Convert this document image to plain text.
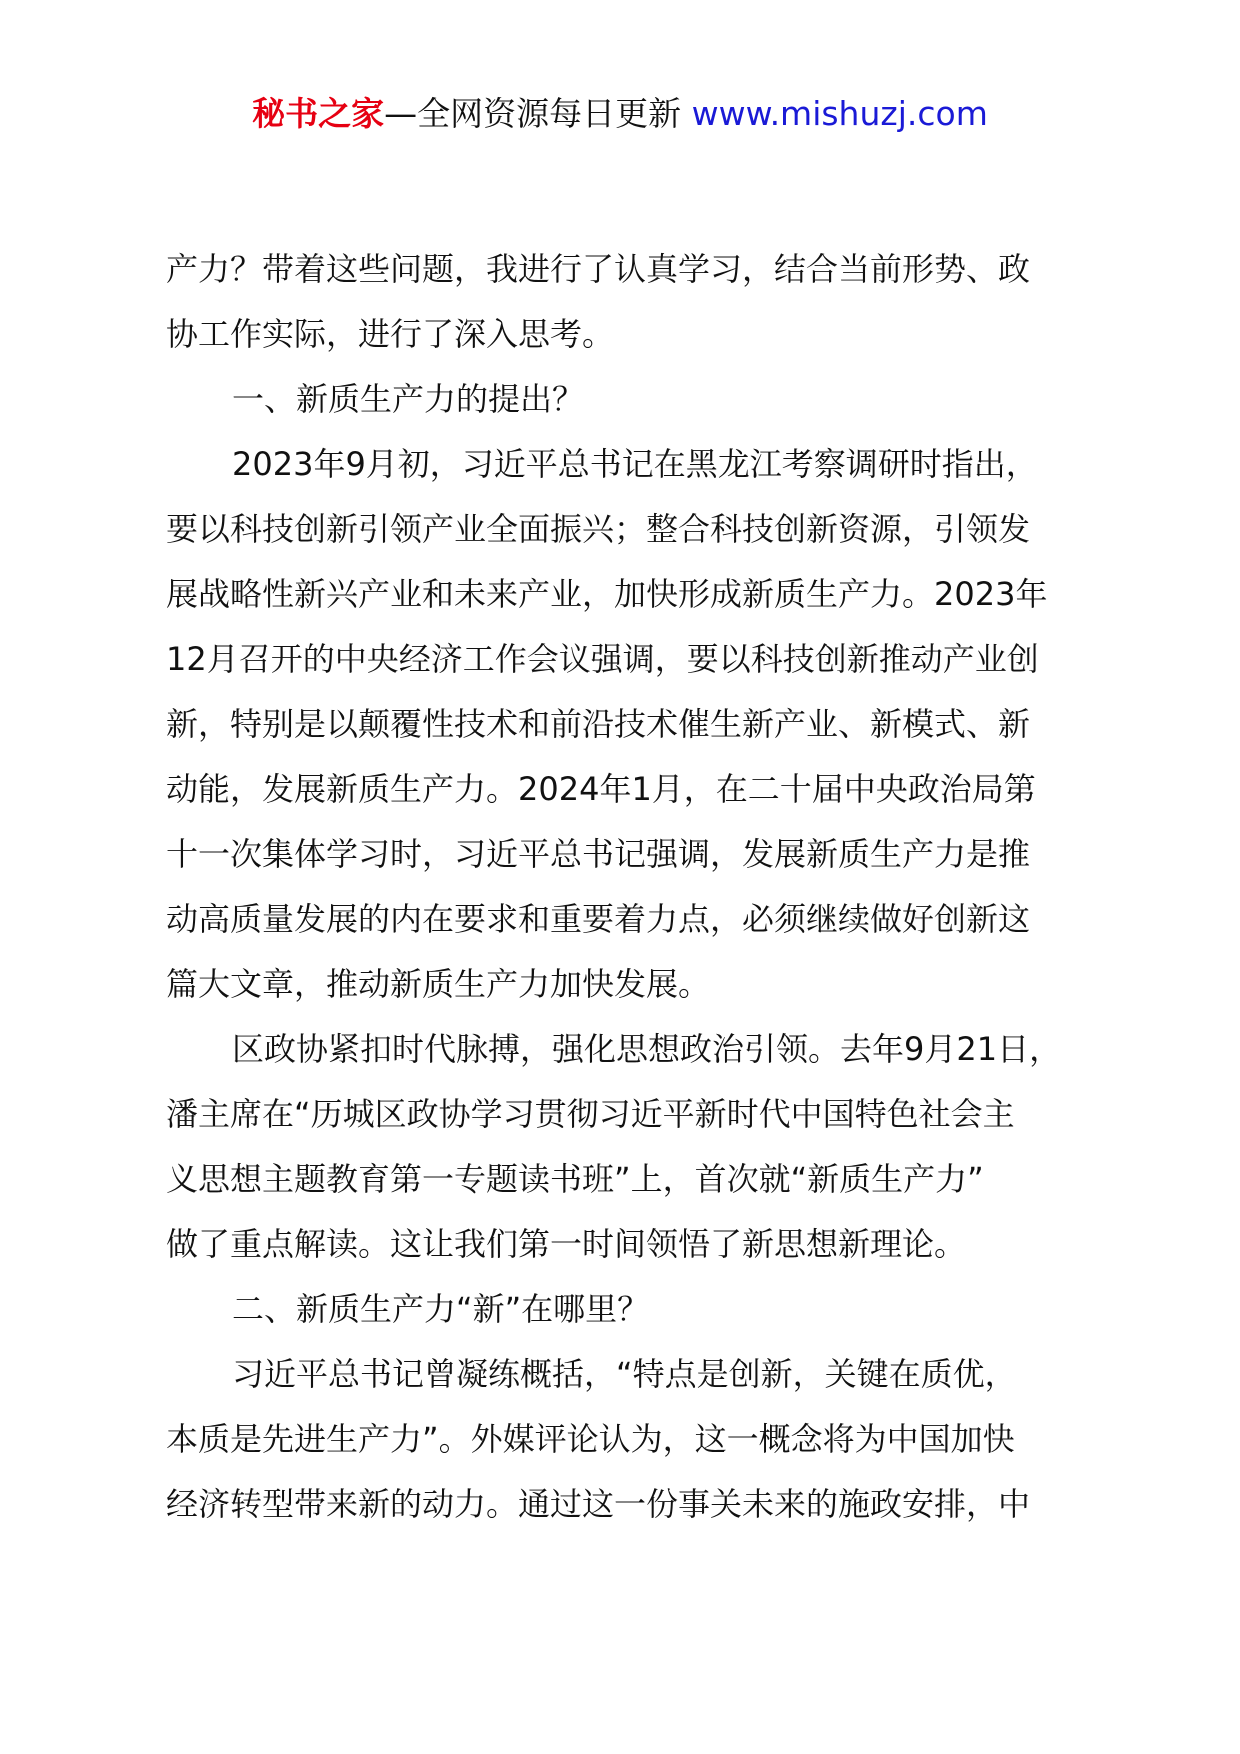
秘书之家—全网资源每日更新 www.mishuzj.com
产力？带着这些问题，我进行了认真学习，结合当前形势、政
协工作实际，进行了深入思考。
一、新质生产力的提出？
2023年9月初，习近平总书记在黑龙江考察调研时指出，
要以科技创新引领产业全面振兴；整合科技创新资源，引领发
展战略性新兴产业和未来产业，加快形成新质生产力。2023年
12月召开的中央经济工作会议强调，要以科技创新推动产业创
新，特别是以颠覆性技术和前沿技术催生新产业、新模式、新
动能，发展新质生产力。2024年1月，在二十届中央政治局第
十一次集体学习时，习近平总书记强调，发展新质生产力是推
动高质量发展的内在要求和重要着力点，必须继续做好创新这
篇大文章，推动新质生产力加快发展。
区政协紧扣时代脉搏，强化思想政治引领。去年9月21日，
潘主席在“历城区政协学习贯彻习近平新时代中国特色社会主
义思想主题教育第一专题读书班”上，首次就“新质生产力”
做了重点解读。这让我们第一时间领悟了新思想新理论。
二、新质生产力“新”在哪里？
习近平总书记曾凝练概括，“特点是创新，关键在质优，
本质是先进生产力”。外媒评论认为，这一概念将为中国加快
经济转型带来新的动力。通过这一份事关未来的施政安排，中
